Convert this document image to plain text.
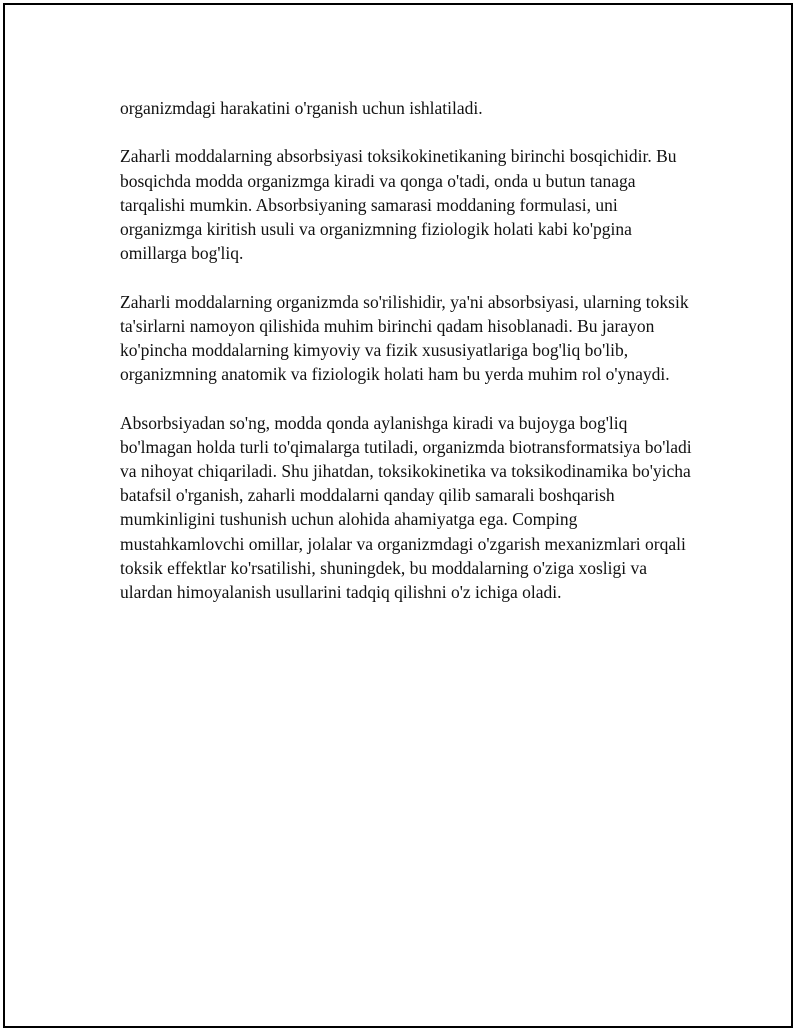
organizmdagi harakatini o'rganish uchun ishlatiladi.

Zaharli moddalarning absorbsiyasi toksikokinetikaning birinchi bosqichidir. Bu bosqichda modda organizmga kiradi va qonga o'tadi, onda u butun tanaga tarqalishi mumkin. Absorbsiyaning samarasi moddaning formulasi, uni organizmga kiritish usuli va organizmning fiziologik holati kabi ko'pgina omillarga bog'liq.

Zaharli moddalarning organizmda so'rilishidir, ya'ni absorbsiyasi, ularning toksik ta'sirlarni namoyon qilishida muhim birinchi qadam hisoblanadi. Bu jarayon ko'pincha moddalarning kimyoviy va fizik xususiyatlariga bog'liq bo'lib, organizmning anatomik va fiziologik holati ham bu yerda muhim rol o'ynaydi.

Absorbsiyadan so'ng, modda qonda aylanishga kiradi va bujoyga bog'liq bo'lmagan holda turli to'qimalarga tutiladi, organizmda biotransformatsiya bo'ladi va nihoyat chiqariladi. Shu jihatdan, toksikokinetika va toksikodinamika bo'yicha batafsil o'rganish, zaharli moddalarni qanday qilib samarali boshqarish mumkinligini tushunish uchun alohida ahamiyatga ega. Comping mustahkamlovchi omillar, jolalar va organizmdagi o'zgarish mexanizmlari orqali toksik effektlar ko'rsatilishi, shuningdek, bu moddalarning o'ziga xosligi va ulardan himoyalanish usullarini tadqiq qilishni o'z ichiga oladi.
